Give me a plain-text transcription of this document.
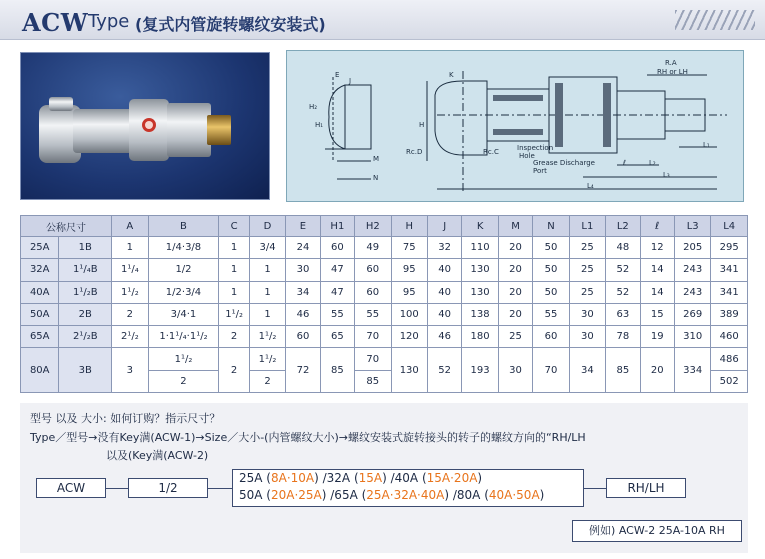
ACW Type (复式内管旋转螺纹安装式)
R.A
RH or LH
Rc.D	Rc.C	Inspection
Hole
Grease Discharge
Port
H₁
H₂
H
M
N
L₁
L₂
L₃
L₄
ℓ
E
J
K
公称尺寸		A	B	C	D	E	H1	H2	H	J	K	M	N	L1	L2	ℓ	L3	L4
25A	1B	1	1/4·3/8	1	3/4	24	60	49	75	32	110	20	50	25	48	12	205	295
32A	1¹/₄B	1¹/₄	1/2	1	1	30	47	60	95	40	130	20	50	25	52	14	243	341
40A	1¹/₂B	1¹/₂	1/2·3/4	1	1	34	47	60	95	40	130	20	50	25	52	14	243	341
50A	2B	2	3/4·1	1¹/₂	1	46	55	55	100	40	138	20	55	30	63	15	269	389
65A	2¹/₂B	2¹/₂	1·1¹/₄·1¹/₂	2	1¹/₂	60	65	70	120	46	180	25	60	30	78	19	310	460
80A	3B	3	1¹/₂	2	1¹/₂	72	85	70	130	52	193	30	70	34	85	20	334	486
			2		2			85										502
型号 以及 大小: 如何订购？指示尺寸？
Type／型号→没有Key满(ACW-1)→Size／大小-(内管螺纹大小)→螺纹安装式旋转接头的转子的螺纹方向的“RH/LH
以及(Key满(ACW-2)
ACW	1/2
25A (8A·10A) /32A (15A) /40A (15A·20A)
50A (20A·25A) /65A (25A·32A·40A) /80A (40A·50A)	RH/LH
例如) ACW-2 25A-10A RH
